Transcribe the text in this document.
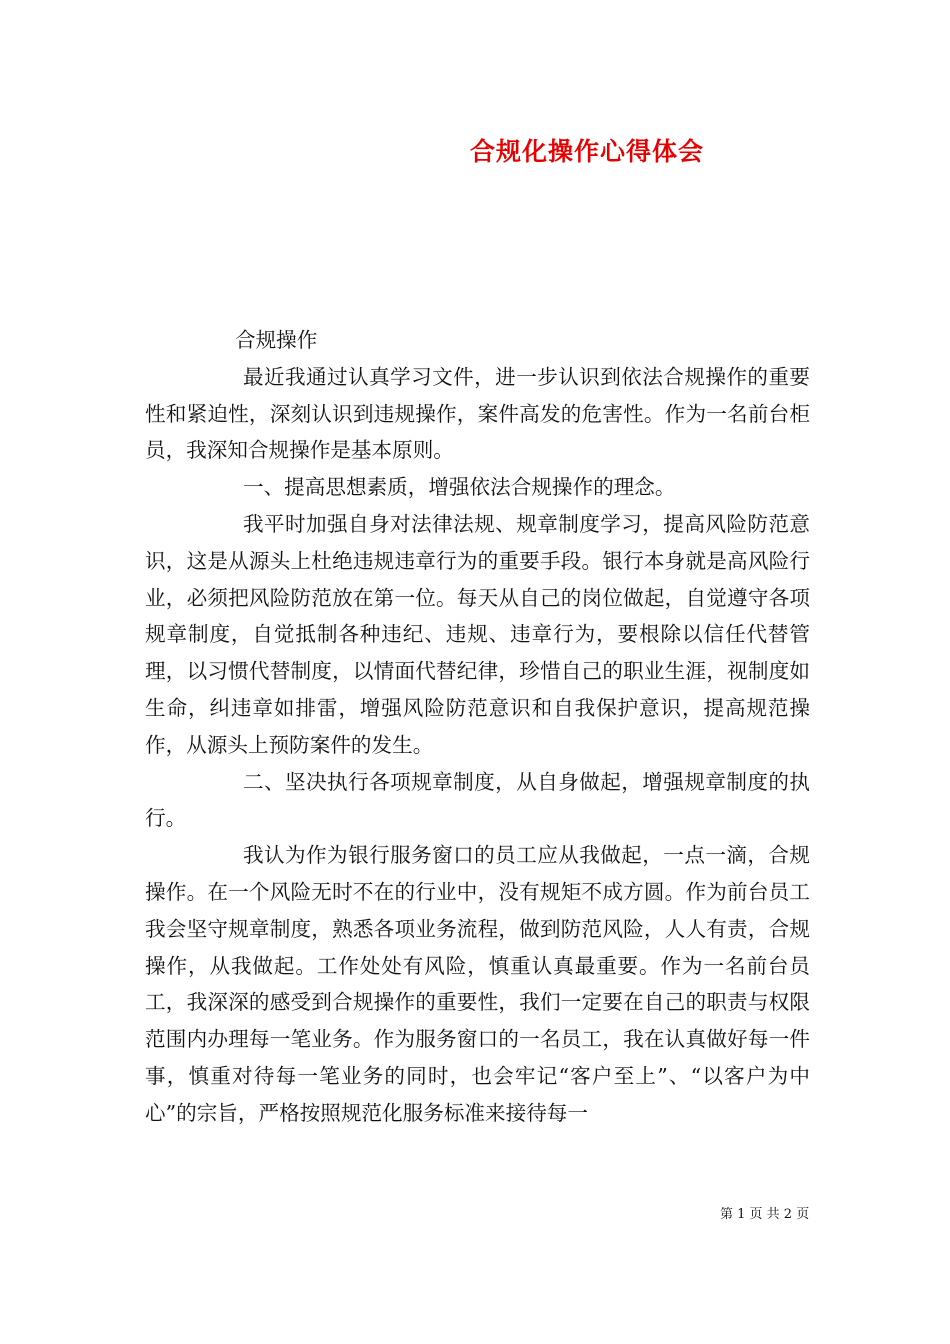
合规化操作心得体会

合规操作

最近我通过认真学习文件，进一步认识到依法合规操作的重要性和紧迫性，深刻认识到违规操作，案件高发的危害性。作为一名前台柜员，我深知合规操作是基本原则。

一、提高思想素质，增强依法合规操作的理念。

我平时加强自身对法律法规、规章制度学习，提高风险防范意识，这是从源头上杜绝违规违章行为的重要手段。银行本身就是高风险行业，必须把风险防范放在第一位。每天从自己的岗位做起，自觉遵守各项规章制度，自觉抵制各种违纪、违规、违章行为，要根除以信任代替管理，以习惯代替制度，以情面代替纪律，珍惜自己的职业生涯，视制度如生命，纠违章如排雷，增强风险防范意识和自我保护意识，提高规范操作，从源头上预防案件的发生。

二、坚决执行各项规章制度，从自身做起，增强规章制度的执行。

我认为作为银行服务窗口的员工应从我做起，一点一滴，合规操作。在一个风险无时不在的行业中，没有规矩不成方圆。作为前台员工我会坚守规章制度，熟悉各项业务流程，做到防范风险，人人有责，合规操作，从我做起。工作处处有风险，慎重认真最重要。作为一名前台员工，我深深的感受到合规操作的重要性，我们一定要在自己的职责与权限范围内办理每一笔业务。作为服务窗口的一名员工，我在认真做好每一件事，慎重对待每一笔业务的同时，也会牢记“客户至上”、“以客户为中心”的宗旨，严格按照规范化服务标准来接待每一

第 1 页 共 2 页
